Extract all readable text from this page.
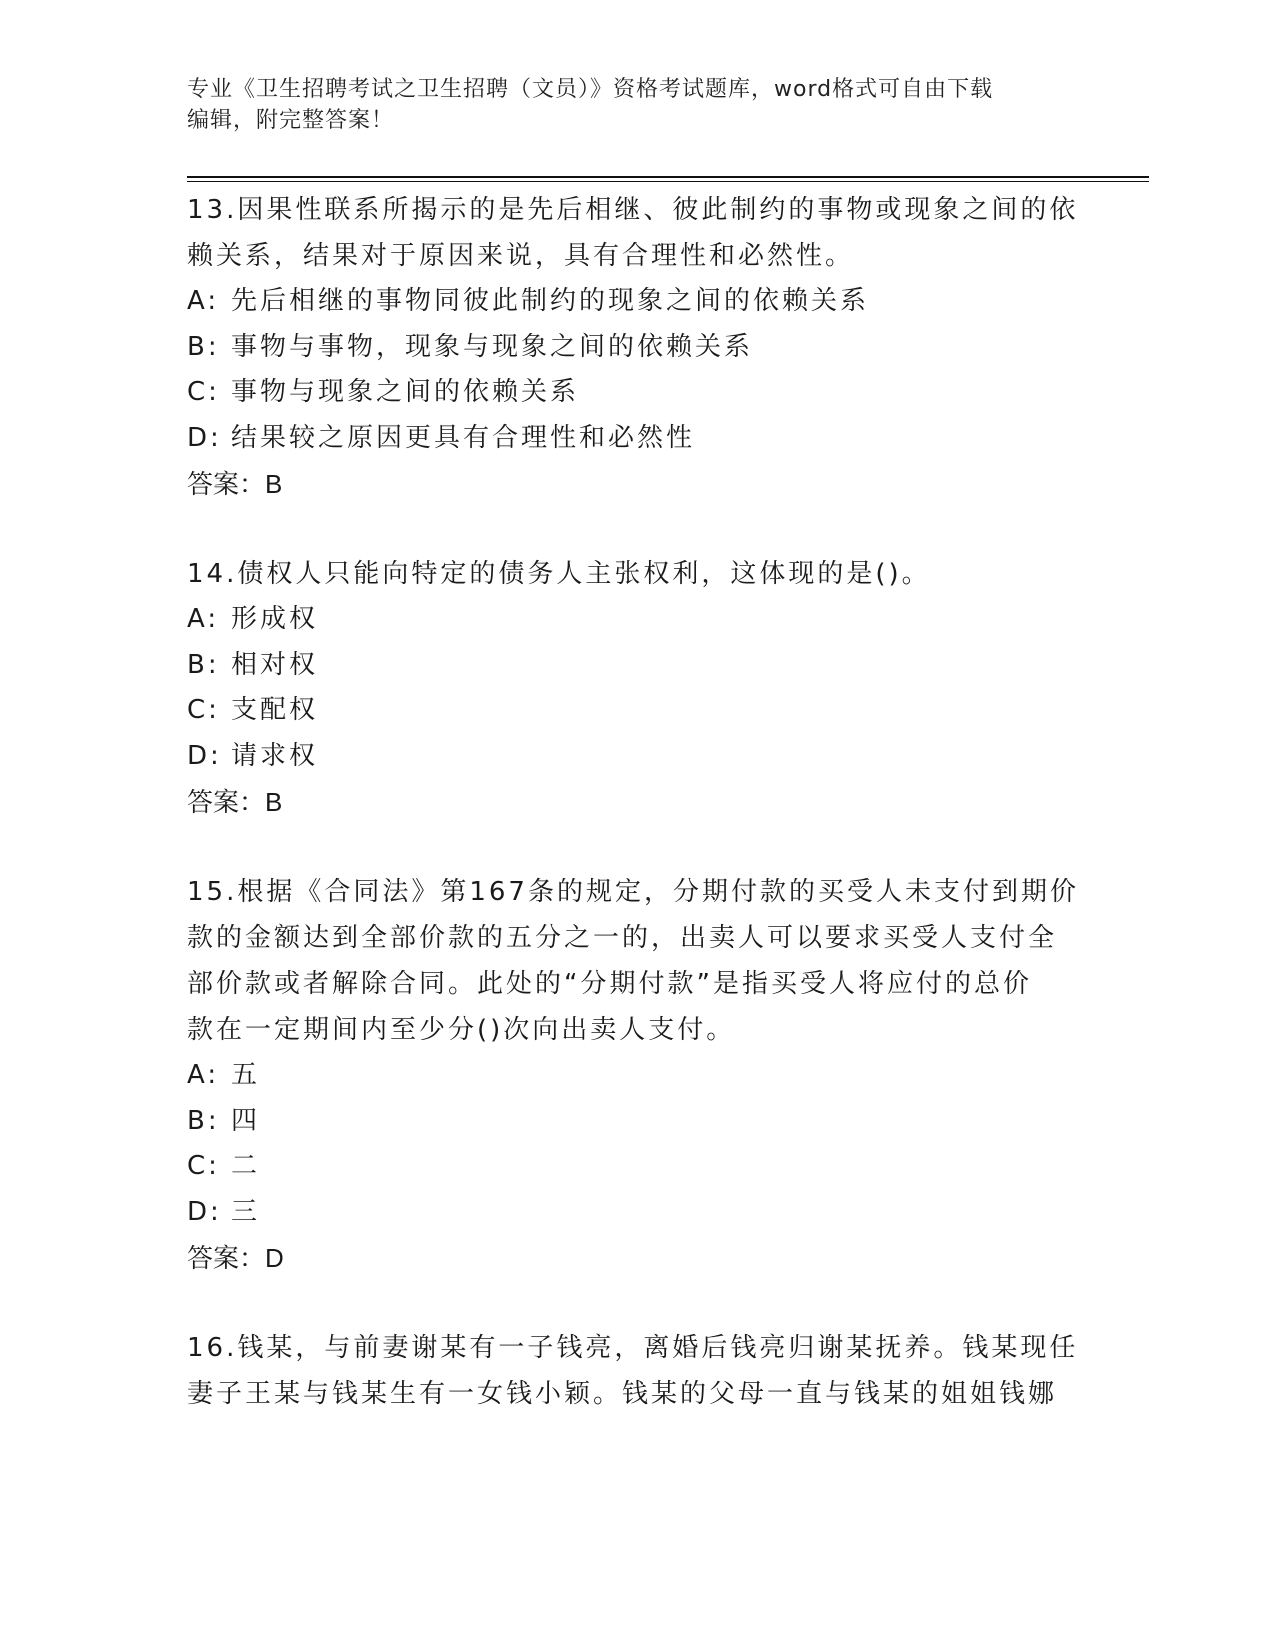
专业《卫生招聘考试之卫生招聘（文员）》资格考试题库，word格式可自由下载
编辑，附完整答案！
13.因果性联系所揭示的是先后相继、彼此制约的事物或现象之间的依
赖关系，结果对于原因来说，具有合理性和必然性。
A: 先后相继的事物同彼此制约的现象之间的依赖关系
B: 事物与事物，现象与现象之间的依赖关系
C: 事物与现象之间的依赖关系
D: 结果较之原因更具有合理性和必然性
答案：B
14.债权人只能向特定的债务人主张权利，这体现的是()。
A: 形成权
B: 相对权
C: 支配权
D: 请求权
答案：B
15.根据《合同法》第167条的规定，分期付款的买受人未支付到期价
款的金额达到全部价款的五分之一的，出卖人可以要求买受人支付全
部价款或者解除合同。此处的“分期付款”是指买受人将应付的总价
款在一定期间内至少分()次向出卖人支付。
A: 五
B: 四
C: 二
D: 三
答案：D
16.钱某，与前妻谢某有一子钱亮，离婚后钱亮归谢某抚养。钱某现任
妻子王某与钱某生有一女钱小颖。钱某的父母一直与钱某的姐姐钱娜
